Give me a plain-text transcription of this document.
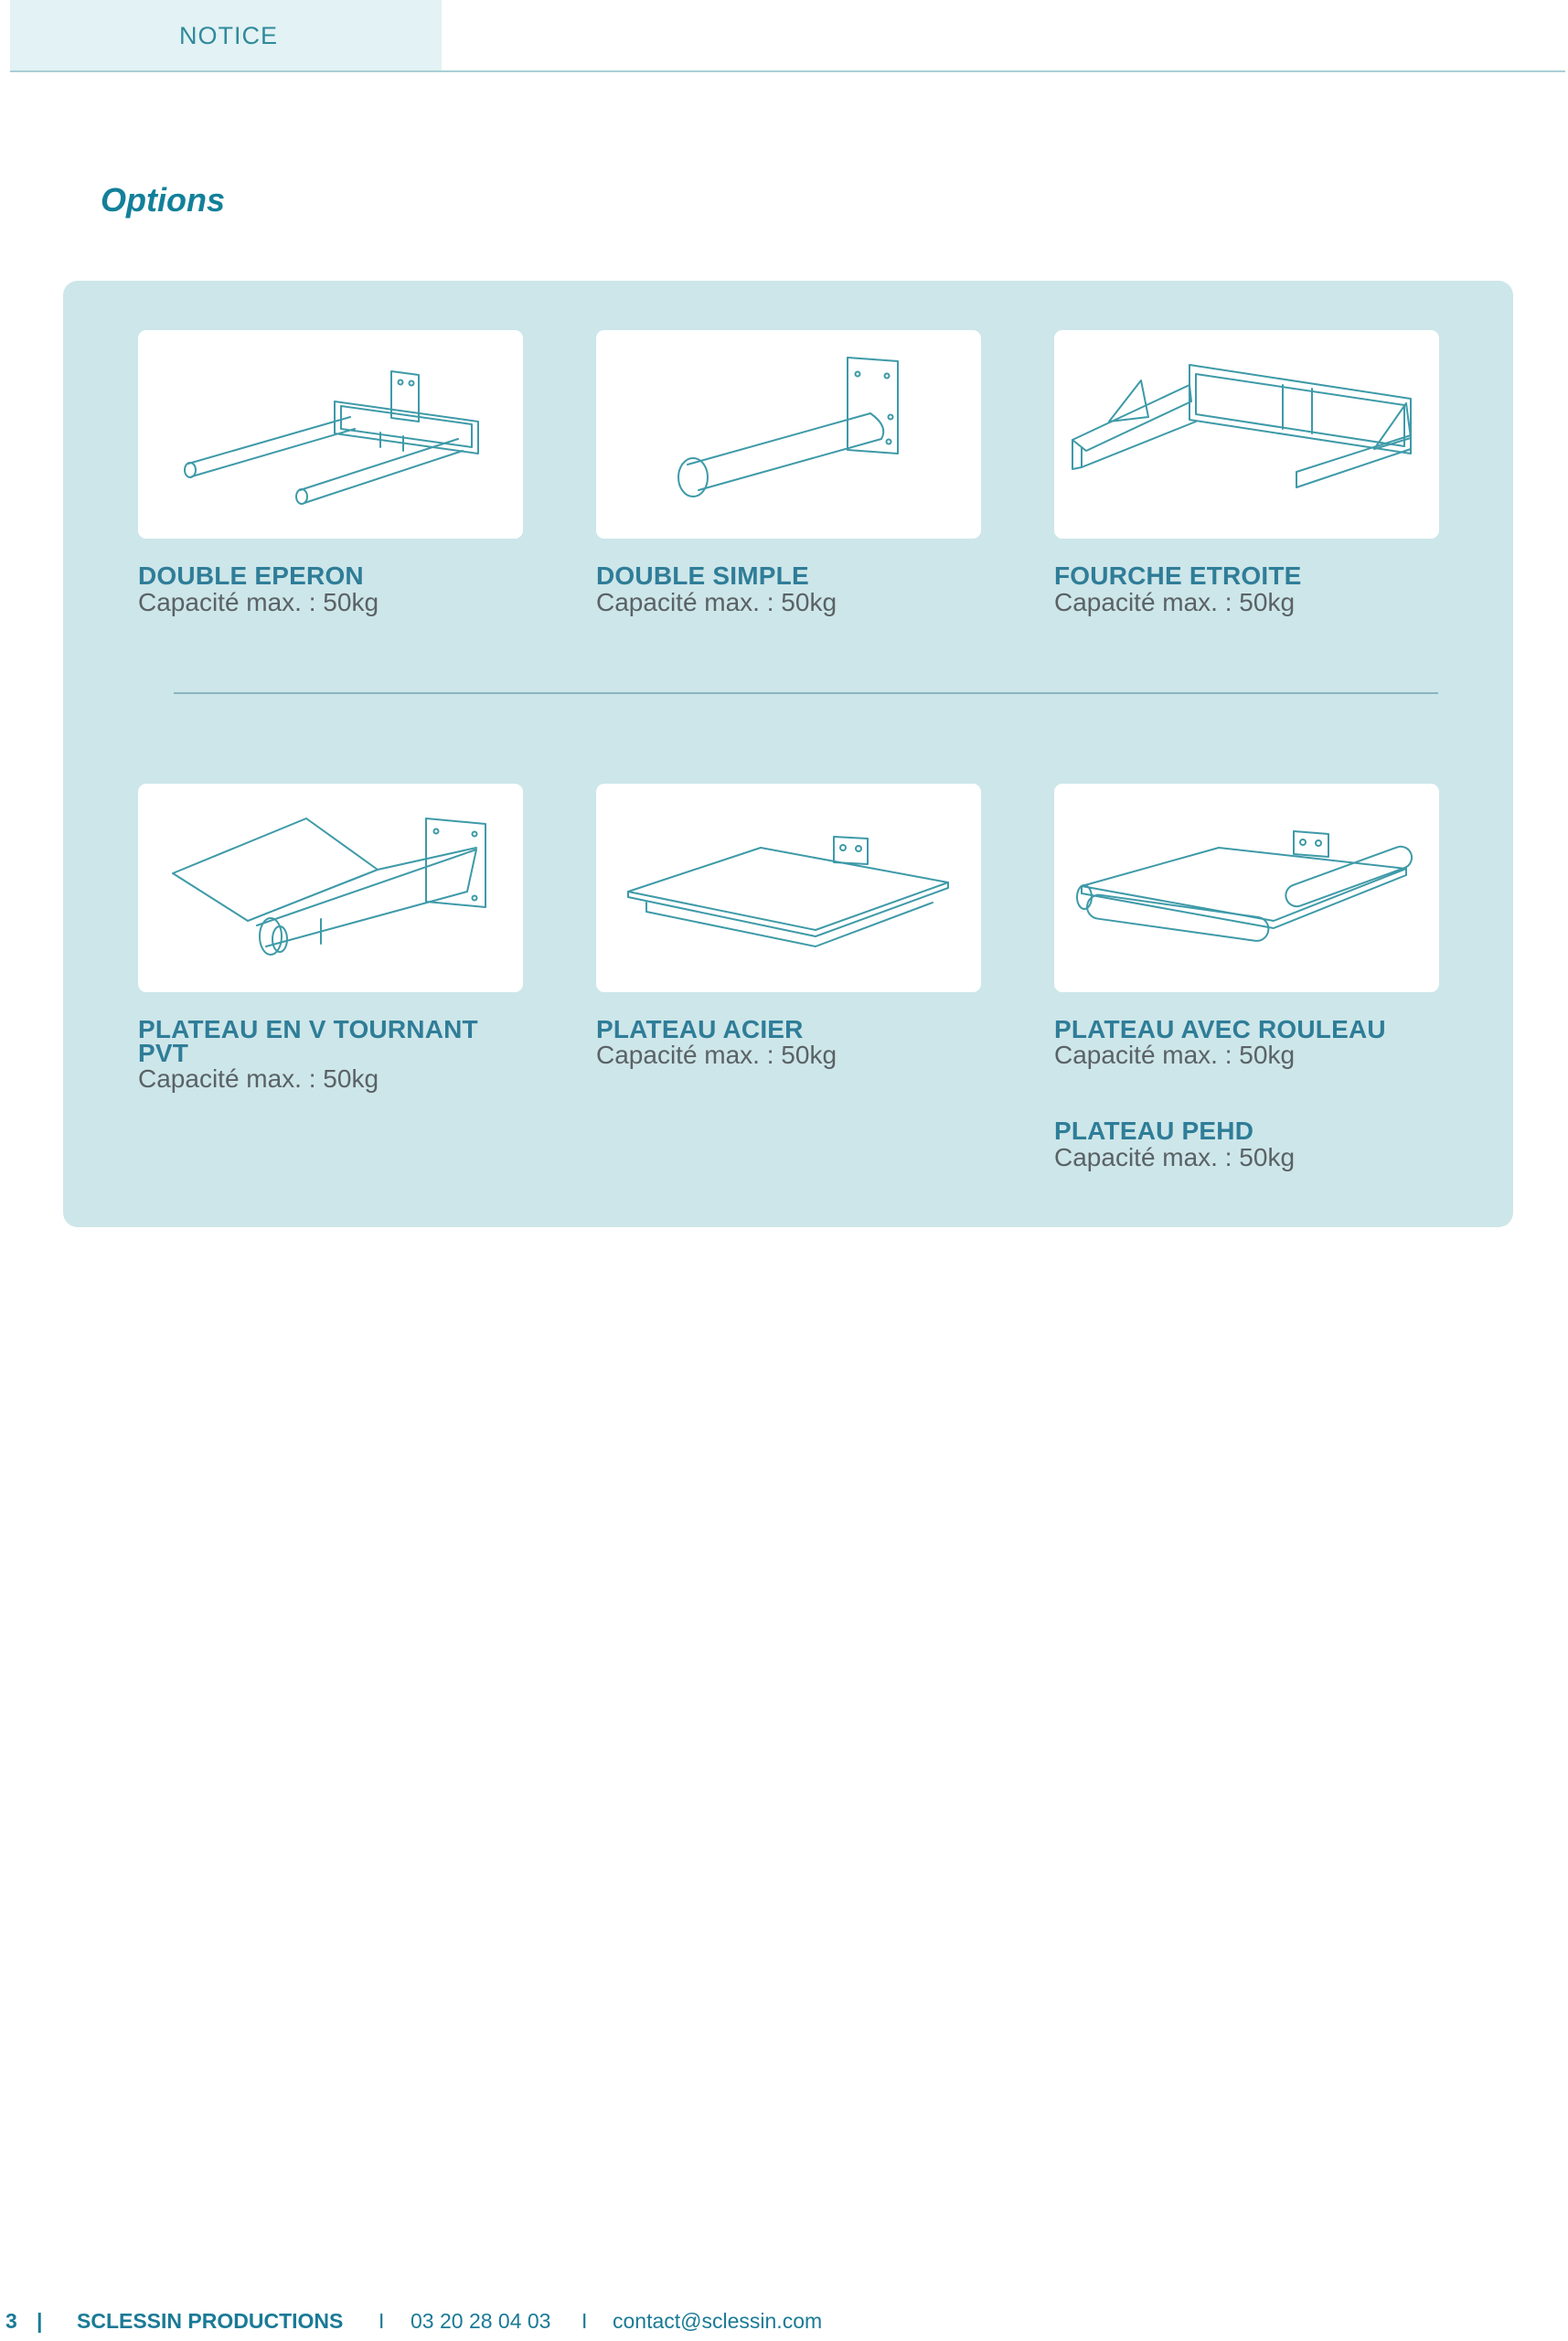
NOTICE
Options
DOUBLE EPERON
Capacité max. : 50kg
DOUBLE SIMPLE
Capacité max. : 50kg
FOURCHE ETROITE
Capacité max. : 50kg
PLATEAU EN V TOURNANT
PVT
Capacité max. : 50kg
PLATEAU ACIER
Capacité max. : 50kg
PLATEAU AVEC ROULEAU
Capacité max. : 50kg
PLATEAU PEHD
Capacité max. : 50kg
3 | SCLESSIN PRODUCTIONS I 03 20 28 04 03 I contact@sclessin.com
